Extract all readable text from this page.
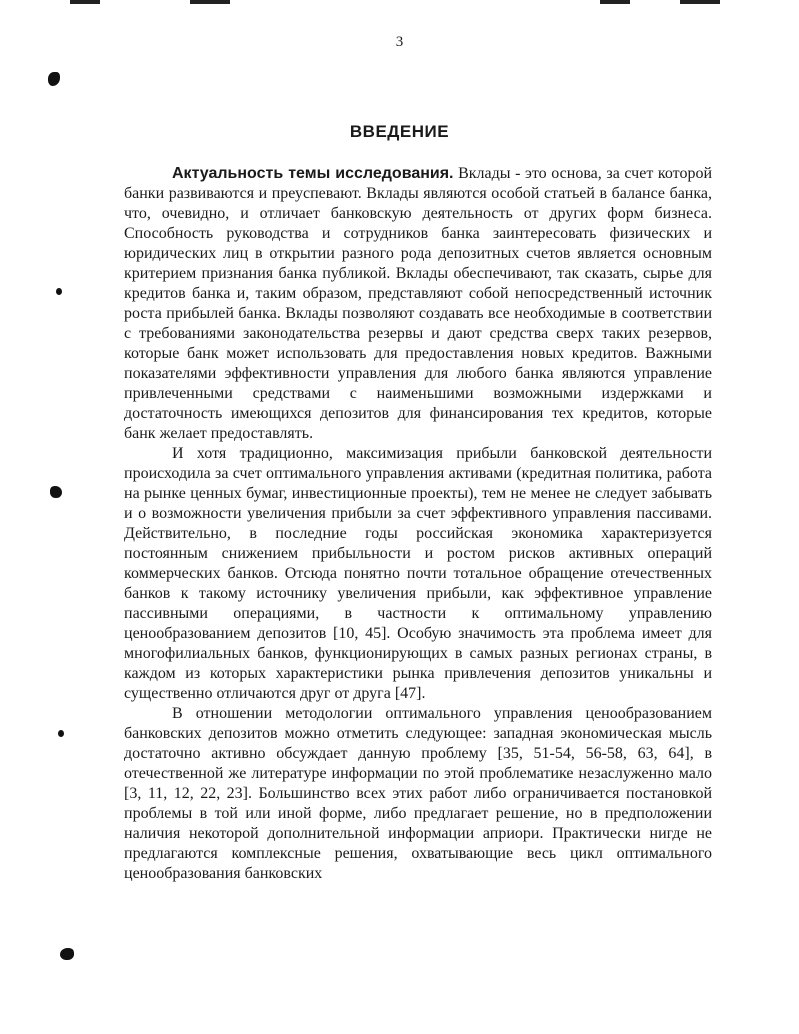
3
ВВЕДЕНИЕ

Актуальность темы исследования. Вклады - это основа, за счет которой банки развиваются и преуспевают. Вклады являются особой статьей в балансе банка, что, очевидно, и отличает банковскую деятельность от других форм бизнеса. Способность руководства и сотрудников банка заинтересовать физических и юридических лиц в открытии разного рода депозитных счетов является основным критерием признания банка публикой. Вклады обеспечивают, так сказать, сырье для кредитов банка и, таким образом, представляют собой непосредственный источник роста прибылей банка. Вклады позволяют создавать все необходимые в соответствии с требованиями законодательства резервы и дают средства сверх таких резервов, которые банк может использовать для предоставления новых кредитов. Важными показателями эффективности управления для любого банка являются управление привлеченными средствами с наименьшими возможными издержками и достаточность имеющихся депозитов для финансирования тех кредитов, которые банк желает предоставлять.

И хотя традиционно, максимизация прибыли банковской деятельности происходила за счет оптимального управления активами (кредитная политика, работа на рынке ценных бумаг, инвестиционные проекты), тем не менее не следует забывать и о возможности увеличения прибыли за счет эффективного управления пассивами. Действительно, в последние годы российская экономика характеризуется постоянным снижением прибыльности и ростом рисков активных операций коммерческих банков. Отсюда понятно почти тотальное обращение отечественных банков к такому источнику увеличения прибыли, как эффективное управление пассивными операциями, в частности к оптимальному управлению ценообразованием депозитов [10, 45]. Особую значимость эта проблема имеет для многофилиальных банков, функционирующих в самых разных регионах страны, в каждом из которых характеристики рынка привлечения депозитов уникальны и существенно отличаются друг от друга [47].

В отношении методологии оптимального управления ценообразованием банковских депозитов можно отметить следующее: западная экономическая мысль достаточно активно обсуждает данную проблему [35, 51-54, 56-58, 63, 64], в отечественной же литературе информации по этой проблематике незаслуженно мало [3, 11, 12, 22, 23]. Большинство всех этих работ либо ограничивается постановкой проблемы в той или иной форме, либо предлагает решение, но в предположении наличия некоторой дополнительной информации априори. Практически нигде не предлагаются комплексные решения, охватывающие весь цикл оптимального ценообразования банковских
